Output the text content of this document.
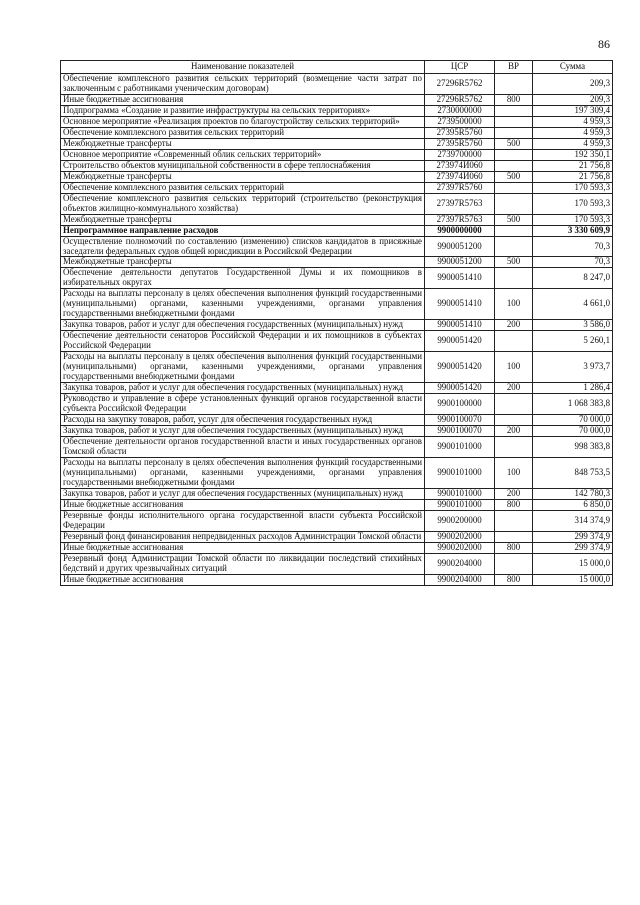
86
Наименование показателей	ЦСР	ВР	Сумма
Обеспечение комплексного развития сельских территорий (возмещение части затрат по заключенным с работниками ученическим договорам)	27296R5762		209,3
Иные бюджетные ассигнования	27296R5762	800	209,3
Подпрограмма «Создание и развитие инфраструктуры на сельских территориях»	2730000000		197 309,4
Основное мероприятие «Реализация проектов по благоустройству сельских территорий»	2739500000		4 959,3
Обеспечение комплексного развития сельских территорий	27395R5760		4 959,3
Межбюджетные трансферты	27395R5760	500	4 959,3
Основное мероприятие «Современный облик сельских территорий»	2739700000		192 350,1
Строительство объектов муниципальной собственности в сфере теплоснабжения	273974И060		21 756,8
Межбюджетные трансферты	273974И060	500	21 756,8
Обеспечение комплексного развития сельских территорий	27397R5760		170 593,3
Обеспечение комплексного развития сельских территорий (строительство (реконструкция объектов жилищно-коммунального хозяйства)	27397R5763		170 593,3
Межбюджетные трансферты	27397R5763	500	170 593,3
Непрограммное направление расходов	9900000000		3 330 609,9
Осуществление полномочий по составлению (изменению) списков кандидатов в присяжные заседатели федеральных судов общей юрисдикции в Российской Федерации	9900051200		70,3
Межбюджетные трансферты	9900051200	500	70,3
Обеспечение деятельности депутатов Государственной Думы и их помощников в избирательных округах	9900051410		8 247,0
Расходы на выплаты персоналу в целях обеспечения выполнения функций государственными (муниципальными) органами, казенными учреждениями, органами управления государственными внебюджетными фондами	9900051410	100	4 661,0
Закупка товаров, работ и услуг для обеспечения государственных (муниципальных) нужд	9900051410	200	3 586,0
Обеспечение деятельности сенаторов Российской Федерации и их помощников в субъектах Российской Федерации	9900051420		5 260,1
Расходы на выплаты персоналу в целях обеспечения выполнения функций государственными (муниципальными) органами, казенными учреждениями, органами управления государственными внебюджетными фондами	9900051420	100	3 973,7
Закупка товаров, работ и услуг для обеспечения государственных (муниципальных) нужд	9900051420	200	1 286,4
Руководство и управление в сфере установленных функций органов государственной власти субъекта Российской Федерации	9900100000		1 068 383,8
Расходы на закупку товаров, работ, услуг для обеспечения государственных нужд	9900100070		70 000,0
Закупка товаров, работ и услуг для обеспечения государственных (муниципальных) нужд	9900100070	200	70 000,0
Обеспечение деятельности органов государственной власти и иных государственных органов Томской области	9900101000		998 383,8
Расходы на выплаты персоналу в целях обеспечения выполнения функций государственными (муниципальными) органами, казенными учреждениями, органами управления государственными внебюджетными фондами	9900101000	100	848 753,5
Закупка товаров, работ и услуг для обеспечения государственных (муниципальных) нужд	9900101000	200	142 780,3
Иные бюджетные ассигнования	9900101000	800	6 850,0
Резервные фонды исполнительного органа государственной власти субъекта Российской Федерации	9900200000		314 374,9
Резервный фонд финансирования непредвиденных расходов Администрации Томской области	9900202000		299 374,9
Иные бюджетные ассигнования	9900202000	800	299 374,9
Резервный фонд Администрации Томской области по ликвидации последствий стихийных бедствий и других чрезвычайных ситуаций	9900204000		15 000,0
Иные бюджетные ассигнования	9900204000	800	15 000,0
